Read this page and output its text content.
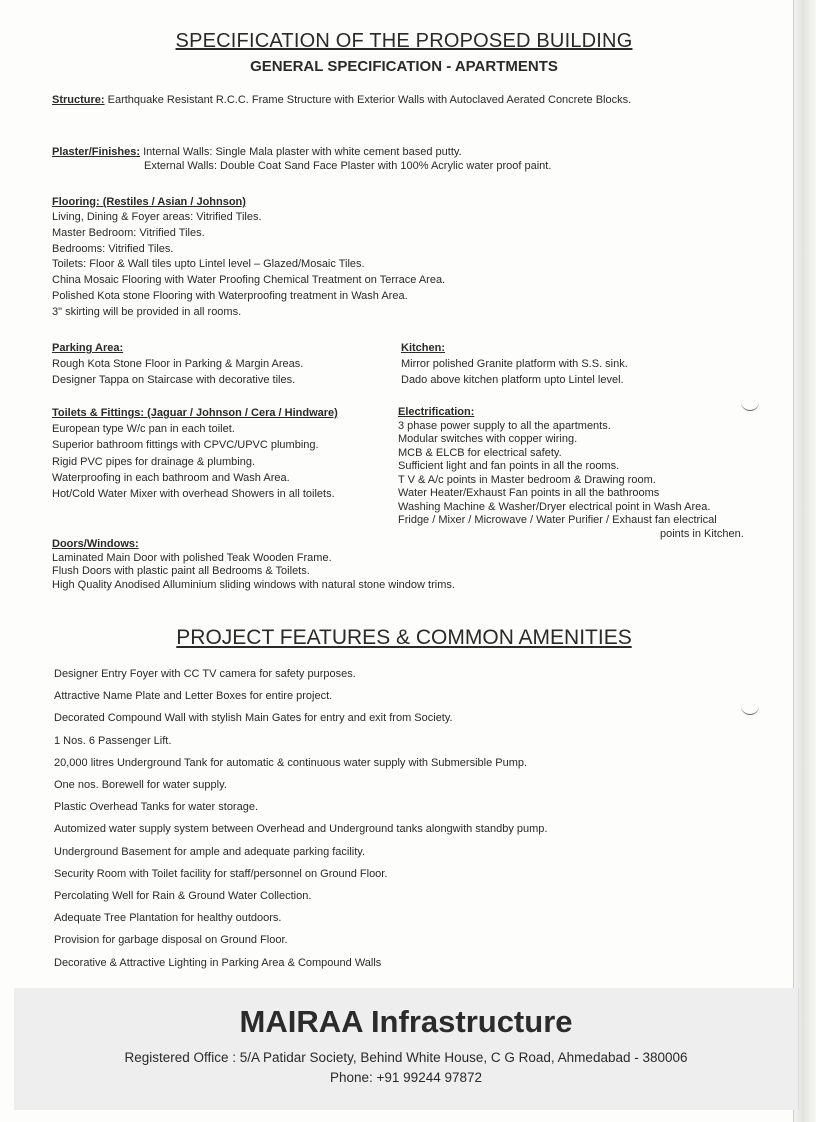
SPECIFICATION OF THE PROPOSED BUILDING
GENERAL SPECIFICATION - APARTMENTS
Structure: Earthquake Resistant R.C.C. Frame Structure with Exterior Walls with Autoclaved Aerated Concrete Blocks.
Plaster/Finishes: Internal Walls: Single Mala plaster with white cement based putty.
External Walls: Double Coat Sand Face Plaster with 100% Acrylic water proof paint.
Flooring: (Restiles / Asian / Johnson)
Living, Dining & Foyer areas: Vitrified Tiles.
Master Bedroom: Vitrified Tiles.
Bedrooms: Vitrified Tiles.
Toilets: Floor & Wall tiles upto Lintel level – Glazed/Mosaic Tiles.
China Mosaic Flooring with Water Proofing Chemical Treatment on Terrace Area.
Polished Kota stone Flooring with Waterproofing treatment in Wash Area.
3" skirting will be provided in all rooms.
Parking Area:
Rough Kota Stone Floor in Parking & Margin Areas.
Designer Tappa on Staircase with decorative tiles.
Kitchen:
Mirror polished Granite platform with S.S. sink.
Dado above kitchen platform upto Lintel level.
Toilets & Fittings: (Jaguar / Johnson / Cera / Hindware)
European type W/c pan in each toilet.
Superior bathroom fittings with CPVC/UPVC plumbing.
Rigid PVC pipes for drainage & plumbing.
Waterproofing in each bathroom and Wash Area.
Hot/Cold Water Mixer with overhead Showers in all toilets.
Electrification:
3 phase power supply to all the apartments.
Modular switches with copper wiring.
MCB & ELCB for electrical safety.
Sufficient light and fan points in all the rooms.
T V & A/c points in Master bedroom & Drawing room.
Water Heater/Exhaust Fan points in all the bathrooms
Washing Machine & Washer/Dryer electrical point in Wash Area.
Fridge / Mixer / Microwave / Water Purifier / Exhaust fan electrical
points in Kitchen.
Doors/Windows:
Laminated Main Door with polished Teak Wooden Frame.
Flush Doors with plastic paint all Bedrooms & Toilets.
High Quality Anodised Alluminium sliding windows with natural stone window trims.
PROJECT FEATURES & COMMON AMENITIES
Designer Entry Foyer with CC TV camera for safety purposes.
Attractive Name Plate and Letter Boxes for entire project.
Decorated Compound Wall with stylish Main Gates for entry and exit from Society.
1 Nos. 6 Passenger Lift.
20,000 litres Underground Tank for automatic & continuous water supply with Submersible Pump.
One nos. Borewell for water supply.
Plastic Overhead Tanks for water storage.
Automized water supply system between Overhead and Underground tanks alongwith standby pump.
Underground Basement for ample and adequate parking facility.
Security Room with Toilet facility for staff/personnel on Ground Floor.
Percolating Well for Rain & Ground Water Collection.
Adequate Tree Plantation for healthy outdoors.
Provision for garbage disposal on Ground Floor.
Decorative & Attractive Lighting in Parking Area & Compound Walls
MAIRAA Infrastructure
Registered Office : 5/A Patidar Society, Behind White House, C G Road, Ahmedabad - 380006
Phone: +91 99244 97872
